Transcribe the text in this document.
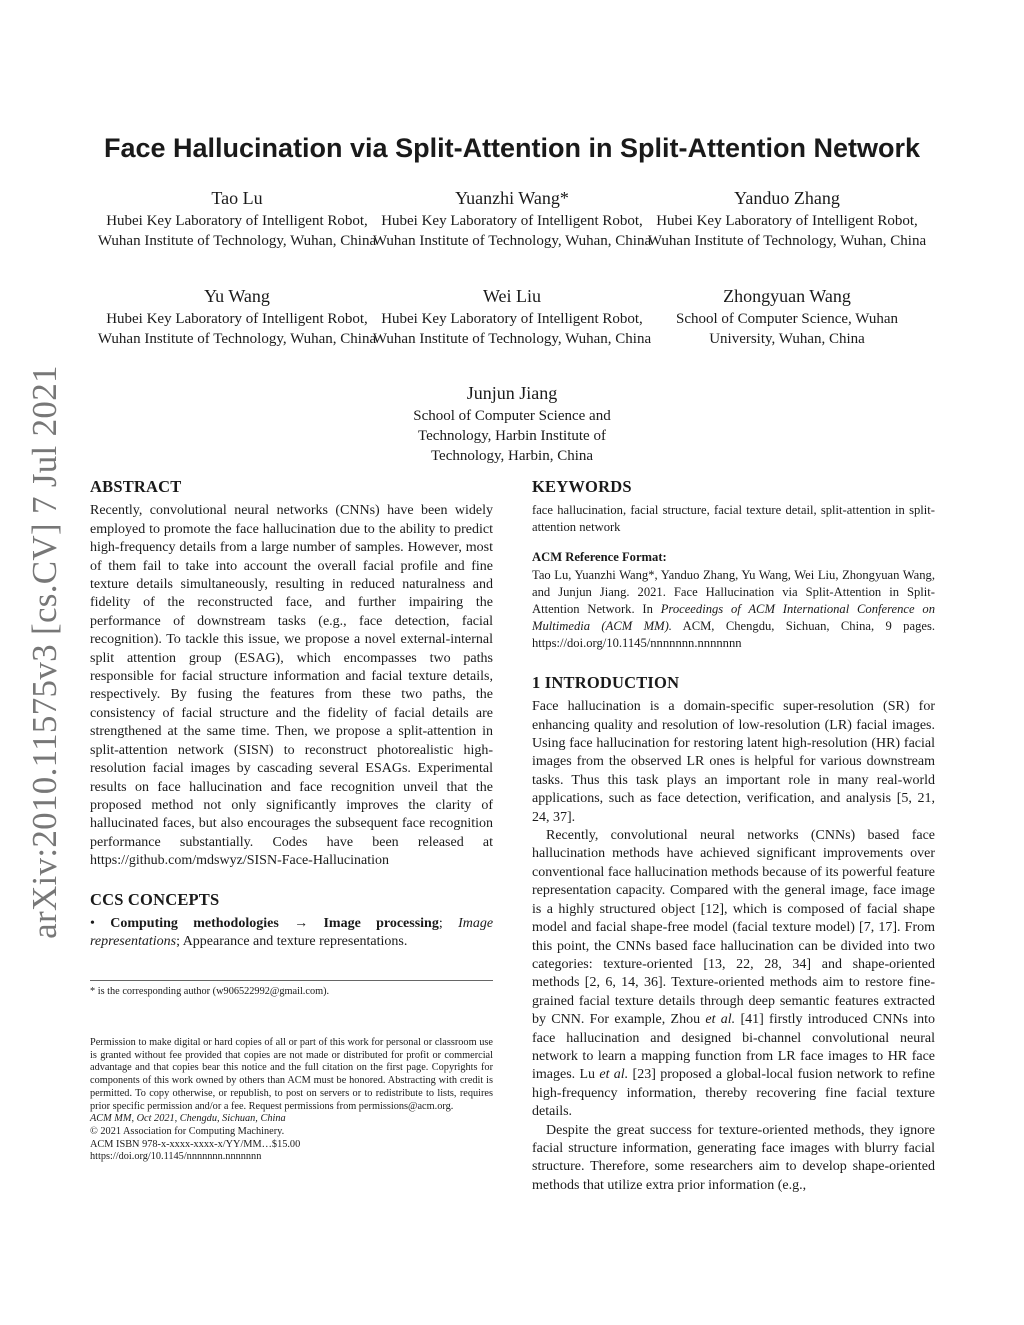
arXiv:2010.11575v3 [cs.CV] 7 Jul 2021
Face Hallucination via Split-Attention in Split-Attention Network
Tao Lu
Hubei Key Laboratory of Intelligent Robot, Wuhan Institute of Technology, Wuhan, China
Yuanzhi Wang*
Hubei Key Laboratory of Intelligent Robot, Wuhan Institute of Technology, Wuhan, China
Yanduo Zhang
Hubei Key Laboratory of Intelligent Robot, Wuhan Institute of Technology, Wuhan, China
Yu Wang
Hubei Key Laboratory of Intelligent Robot, Wuhan Institute of Technology, Wuhan, China
Wei Liu
Hubei Key Laboratory of Intelligent Robot, Wuhan Institute of Technology, Wuhan, China
Zhongyuan Wang
School of Computer Science, Wuhan University, Wuhan, China
Junjun Jiang
School of Computer Science and Technology, Harbin Institute of Technology, Harbin, China
ABSTRACT

Recently, convolutional neural networks (CNNs) have been widely employed to promote the face hallucination due to the ability to predict high-frequency details from a large number of samples. However, most of them fail to take into account the overall facial profile and fine texture details simultaneously, resulting in reduced naturalness and fidelity of the reconstructed face, and further impairing the performance of downstream tasks (e.g., face detection, facial recognition). To tackle this issue, we propose a novel external-internal split attention group (ESAG), which encompasses two paths responsible for facial structure information and facial texture details, respectively. By fusing the features from these two paths, the consistency of facial structure and the fidelity of facial details are strengthened at the same time. Then, we propose a split-attention in split-attention network (SISN) to reconstruct photorealistic high-resolution facial images by cascading several ESAGs. Experimental results on face hallucination and face recognition unveil that the proposed method not only significantly improves the clarity of hallucinated faces, but also encourages the subsequent face recognition performance substantially. Codes have been released at https://github.com/mdswyz/SISN-Face-Hallucination

CCS CONCEPTS

• Computing methodologies → Image processing; Image representations; Appearance and texture representations.

* is the corresponding author (w906522992@gmail.com).

Permission to make digital or hard copies of all or part of this work for personal or classroom use is granted without fee provided that copies are not made or distributed for profit or commercial advantage and that copies bear this notice and the full citation on the first page. Copyrights for components of this work owned by others than ACM must be honored. Abstracting with credit is permitted. To copy otherwise, or republish, to post on servers or to redistribute to lists, requires prior specific permission and/or a fee. Request permissions from permissions@acm.org.

ACM MM, Oct 2021, Chengdu, Sichuan, China

© 2021 Association for Computing Machinery.

ACM ISBN 978-x-xxxx-xxxx-x/YY/MM…$15.00

https://doi.org/10.1145/nnnnnnn.nnnnnnn

KEYWORDS

face hallucination, facial structure, facial texture detail, split-attention in split-attention network

ACM Reference Format:

Tao Lu, Yuanzhi Wang*, Yanduo Zhang, Yu Wang, Wei Liu, Zhongyuan Wang, and Junjun Jiang. 2021. Face Hallucination via Split-Attention in Split-Attention Network. In Proceedings of ACM International Conference on Multimedia (ACM MM). ACM, Chengdu, Sichuan, China, 9 pages. https://doi.org/10.1145/nnnnnnn.nnnnnnn

1 INTRODUCTION

Face hallucination is a domain-specific super-resolution (SR) for enhancing quality and resolution of low-resolution (LR) facial images. Using face hallucination for restoring latent high-resolution (HR) facial images from the observed LR ones is helpful for various downstream tasks. Thus this task plays an important role in many real-world applications, such as face detection, verification, and analysis [5, 21, 24, 37].

Recently, convolutional neural networks (CNNs) based face hallucination methods have achieved significant improvements over conventional face hallucination methods because of its powerful feature representation capacity. Compared with the general image, face image is a highly structured object [12], which is composed of facial shape model and facial shape-free model (facial texture model) [7, 17]. From this point, the CNNs based face hallucination can be divided into two categories: texture-oriented [13, 22, 28, 34] and shape-oriented methods [2, 6, 14, 36]. Texture-oriented methods aim to restore fine-grained facial texture details through deep semantic features extracted by CNN. For example, Zhou et al. [41] firstly introduced CNNs into face hallucination and designed bi-channel convolutional neural network to learn a mapping function from LR face images to HR face images. Lu et al. [23] proposed a global-local fusion network to refine high-frequency information, thereby recovering fine facial texture details.

Despite the great success for texture-oriented methods, they ignore facial structure information, generating face images with blurry facial structure. Therefore, some researchers aim to develop shape-oriented methods that utilize extra prior information (e.g.,
